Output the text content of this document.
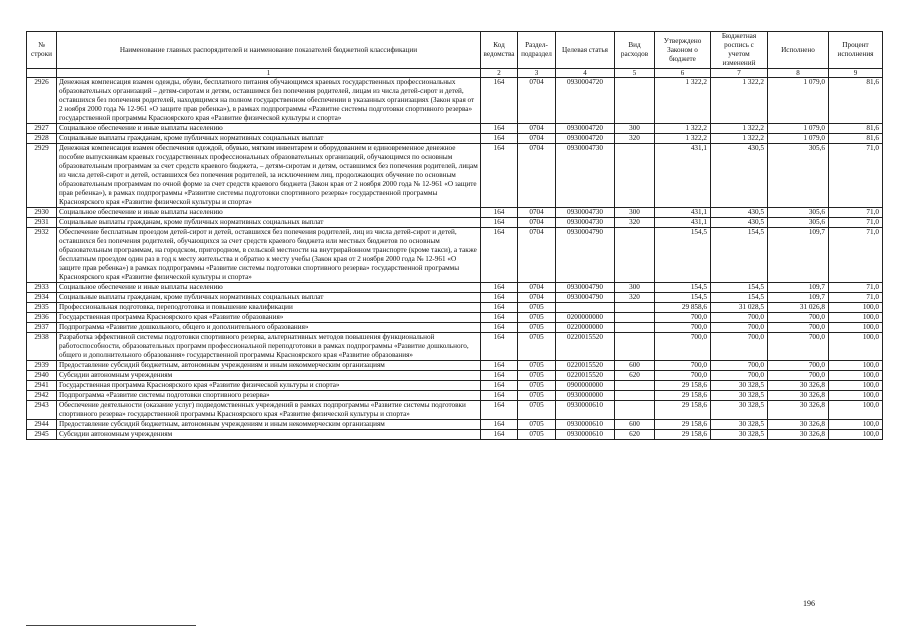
№ строки	Наименование главных распорядителей и наименование показателей бюджетной классификации	Код ведомства	Раздел- подраздел	Целевая статья	Вид расходов	Утверждено Законом о бюджете	Бюджетная роспись с учетом изменений	Исполнено	Процент исполнения
	1	2	3	4	5	6	7	8	9
2926	Денежная компенсация взамен одежды, обуви, бесплатного питания обучающимся краевых государственных профессиональных образовательных организаций – детям-сиротам и детям, оставшимся без попечения родителей, лицам из числа детей-сирот и детей, оставшихся без попечения родителей, находящимся на полном государственном обеспечении в указанных организациях (Закон края от 2 ноября 2000 года № 12-961 «О защите прав ребенка»), в рамках подпрограммы «Развитие системы подготовки спортивного резерва» государственной программы Красноярского края «Развитие физической культуры и спорта»	164	0704	0930004720		1 322,2	1 322,2	1 079,0	81,6
2927	Социальное обеспечение и иные выплаты населению	164	0704	0930004720	300	1 322,2	1 322,2	1 079,0	81,6
2928	Социальные выплаты гражданам, кроме публичных нормативных социальных выплат	164	0704	0930004720	320	1 322,2	1 322,2	1 079,0	81,6
2929	Денежная компенсация взамен обеспечения одеждой, обувью, мягким инвентарем и оборудованием и единовременное денежное пособие выпускникам краевых государственных профессиональных образовательных организаций, обучающимся по основным образовательным программам за счет средств краевого бюджета, – детям-сиротам и детям, оставшимся без попечения родителей, лицам из числа детей-сирот и детей, оставшихся без попечения родителей, за исключением лиц, продолжающих обучение по основным образовательным программам по очной форме за счет средств краевого бюджета (Закон края от 2 ноября 2000 года № 12-961 «О защите прав ребенка»), в рамках подпрограммы «Развитие системы подготовки спортивного резерва» государственной программы Красноярского края «Развитие физической культуры и спорта»	164	0704	0930004730		431,1	430,5	305,6	71,0
2930	Социальное обеспечение и иные выплаты населению	164	0704	0930004730	300	431,1	430,5	305,6	71,0
2931	Социальные выплаты гражданам, кроме публичных нормативных социальных выплат	164	0704	0930004730	320	431,1	430,5	305,6	71,0
2932	Обеспечение бесплатным проездом детей-сирот и детей, оставшихся без попечения родителей, лиц из числа детей-сирот и детей, оставшихся без попечения родителей, обучающихся за счет средств краевого бюджета или местных бюджетов по основным образовательным программам, на городском, пригородном, в сельской местности на внутрирайонном транспорте (кроме такси), а также бесплатным проездом один раз в год к месту жительства и обратно к месту учебы (Закон края от 2 ноября 2000 года № 12-961 «О защите прав ребенка») в рамках подпрограммы «Развитие системы подготовки спортивного резерва» государственной программы Красноярского края «Развитие физической культуры и спорта»	164	0704	0930004790		154,5	154,5	109,7	71,0
2933	Социальное обеспечение и иные выплаты населению	164	0704	0930004790	300	154,5	154,5	109,7	71,0
2934	Социальные выплаты гражданам, кроме публичных нормативных социальных выплат	164	0704	0930004790	320	154,5	154,5	109,7	71,0
2935	Профессиональная подготовка, переподготовка и повышение квалификации	164	0705			29 858,6	31 028,5	31 026,8	100,0
2936	Государственная программа Красноярского края «Развитие образования»	164	0705	0200000000		700,0	700,0	700,0	100,0
2937	Подпрограмма «Развитие дошкольного, общего и дополнительного образования»	164	0705	0220000000		700,0	700,0	700,0	100,0
2938	Разработка эффективной системы подготовки спортивного резерва, альтернативных методов повышения функциональной работоспособности, образовательных программ профессиональной переподготовки в рамках подпрограммы «Развитие дошкольного, общего и дополнительного образования» государственной программы Красноярского края «Развитие образования»	164	0705	0220015520		700,0	700,0	700,0	100,0
2939	Предоставление субсидий бюджетным, автономным учреждениям и иным некоммерческим организациям	164	0705	0220015520	600	700,0	700,0	700,0	100,0
2940	Субсидии автономным учреждениям	164	0705	0220015520	620	700,0	700,0	700,0	100,0
2941	Государственная программа Красноярского края «Развитие физической культуры и спорта»	164	0705	0900000000		29 158,6	30 328,5	30 326,8	100,0
2942	Подпрограмма «Развитие системы подготовки спортивного резерва»	164	0705	0930000000		29 158,6	30 328,5	30 326,8	100,0
2943	Обеспечение деятельности (оказание услуг) подведомственных учреждений в рамках подпрограммы «Развитие системы подготовки спортивного резерва» государственной программы Красноярского края «Развитие физической культуры и спорта»	164	0705	0930000610		29 158,6	30 328,5	30 326,8	100,0
2944	Предоставление субсидий бюджетным, автономным учреждениям и иным некоммерческим организациям	164	0705	0930000610	600	29 158,6	30 328,5	30 326,8	100,0
2945	Субсидии автономным учреждениям	164	0705	0930000610	620	29 158,6	30 328,5	30 326,8	100,0
196
